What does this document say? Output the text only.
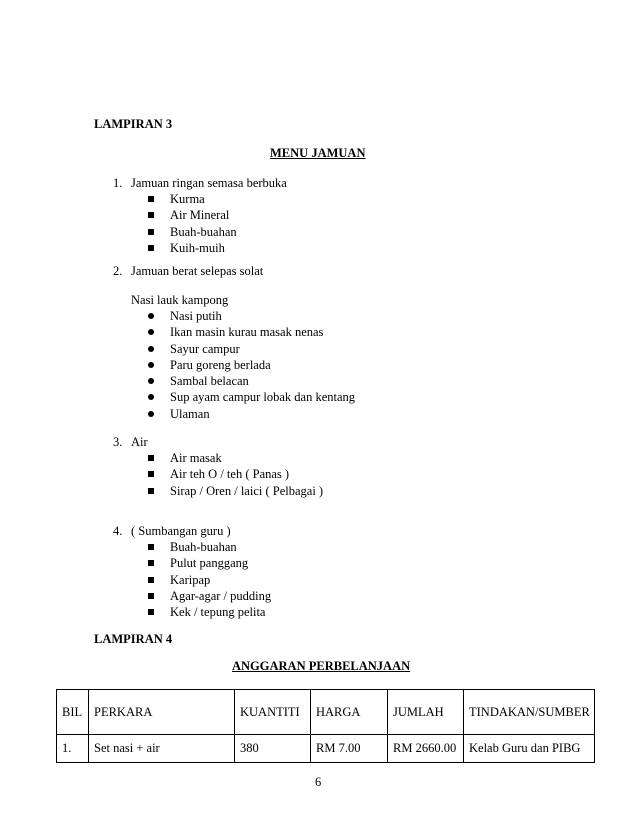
LAMPIRAN 3
MENU JAMUAN
1. Jamuan ringan semasa berbuka
Kurma
Air Mineral
Buah-buahan
Kuih-muih
2. Jamuan berat selepas solat
Nasi lauk kampong
Nasi putih
Ikan masin kurau masak nenas
Sayur campur
Paru goreng berlada
Sambal belacan
Sup ayam campur lobak dan kentang
Ulaman
3. Air
Air masak
Air teh O / teh ( Panas )
Sirap / Oren / laici ( Pelbagai )
4. ( Sumbangan guru )
Buah-buahan
Pulut panggang
Karipap
Agar-agar / pudding
Kek / tepung pelita
LAMPIRAN 4
ANGGARAN PERBELANJAAN
BIL	PERKARA	KUANTITI	HARGA	JUMLAH	TINDAKAN/SUMBER
1.	Set nasi + air	380	RM 7.00	RM 2660.00	Kelab Guru dan PIBG
6
